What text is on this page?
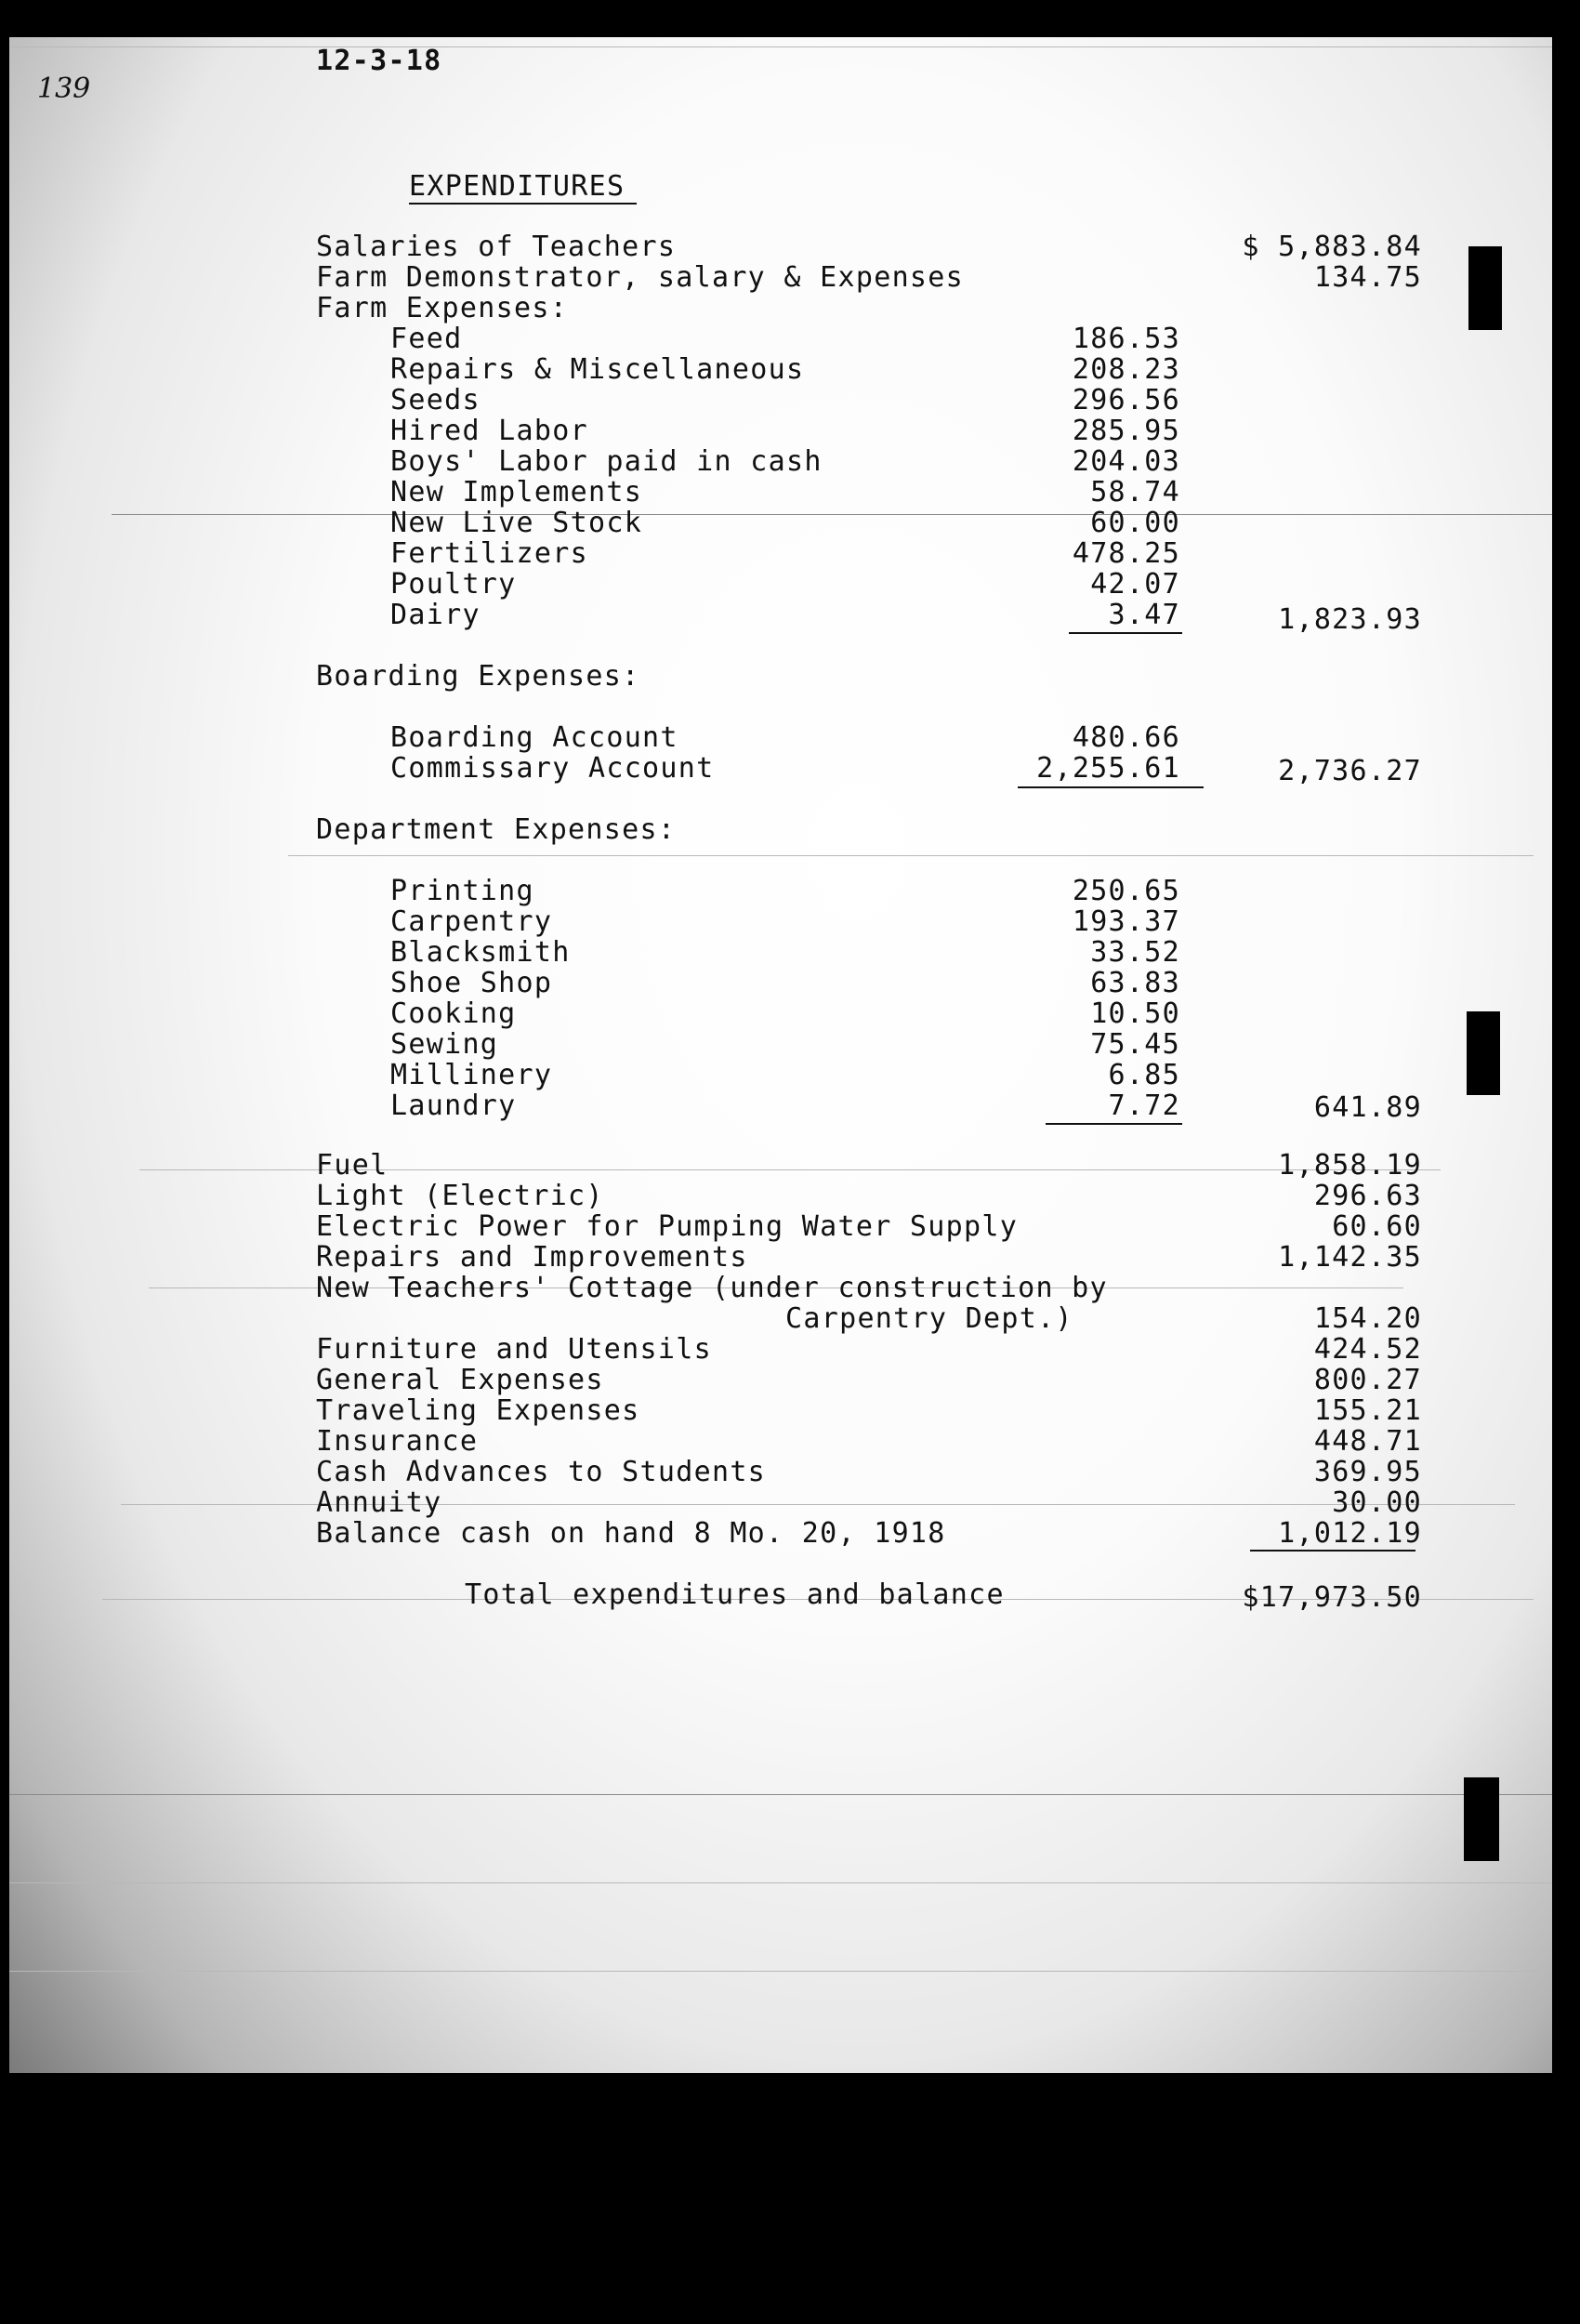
139
12-3-18
EXPENDITURES
Salaries of Teachers	$ 5,883.84
Farm Demonstrator, salary & Expenses	134.75
Farm Expenses:
Feed	186.53
Repairs & Miscellaneous	208.23
Seeds	296.56
Hired Labor	285.95
Boys' Labor paid in cash	204.03
New Implements	58.74
New Live Stock	60.00
Fertilizers	478.25
Poultry	42.07
Dairy	3.47	1,823.93
Boarding Expenses:
Boarding Account	480.66
Commissary Account	2,255.61	2,736.27
Department Expenses:
Printing	250.65
Carpentry	193.37
Blacksmith	33.52
Shoe Shop	63.83
Cooking	10.50
Sewing	75.45
Millinery	6.85
Laundry	7.72	641.89
Fuel	1,858.19
Light (Electric)	296.63
Electric Power for Pumping Water Supply	60.60
Repairs and Improvements	1,142.35
New Teachers' Cottage (under construction by
Carpentry Dept.)	154.20
Furniture and Utensils	424.52
General Expenses	800.27
Traveling Expenses	155.21
Insurance	448.71
Cash Advances to Students	369.95
Annuity	30.00
Balance cash on hand 8 Mo. 20, 1918	1,012.19
Total expenditures and balance	$17,973.50
